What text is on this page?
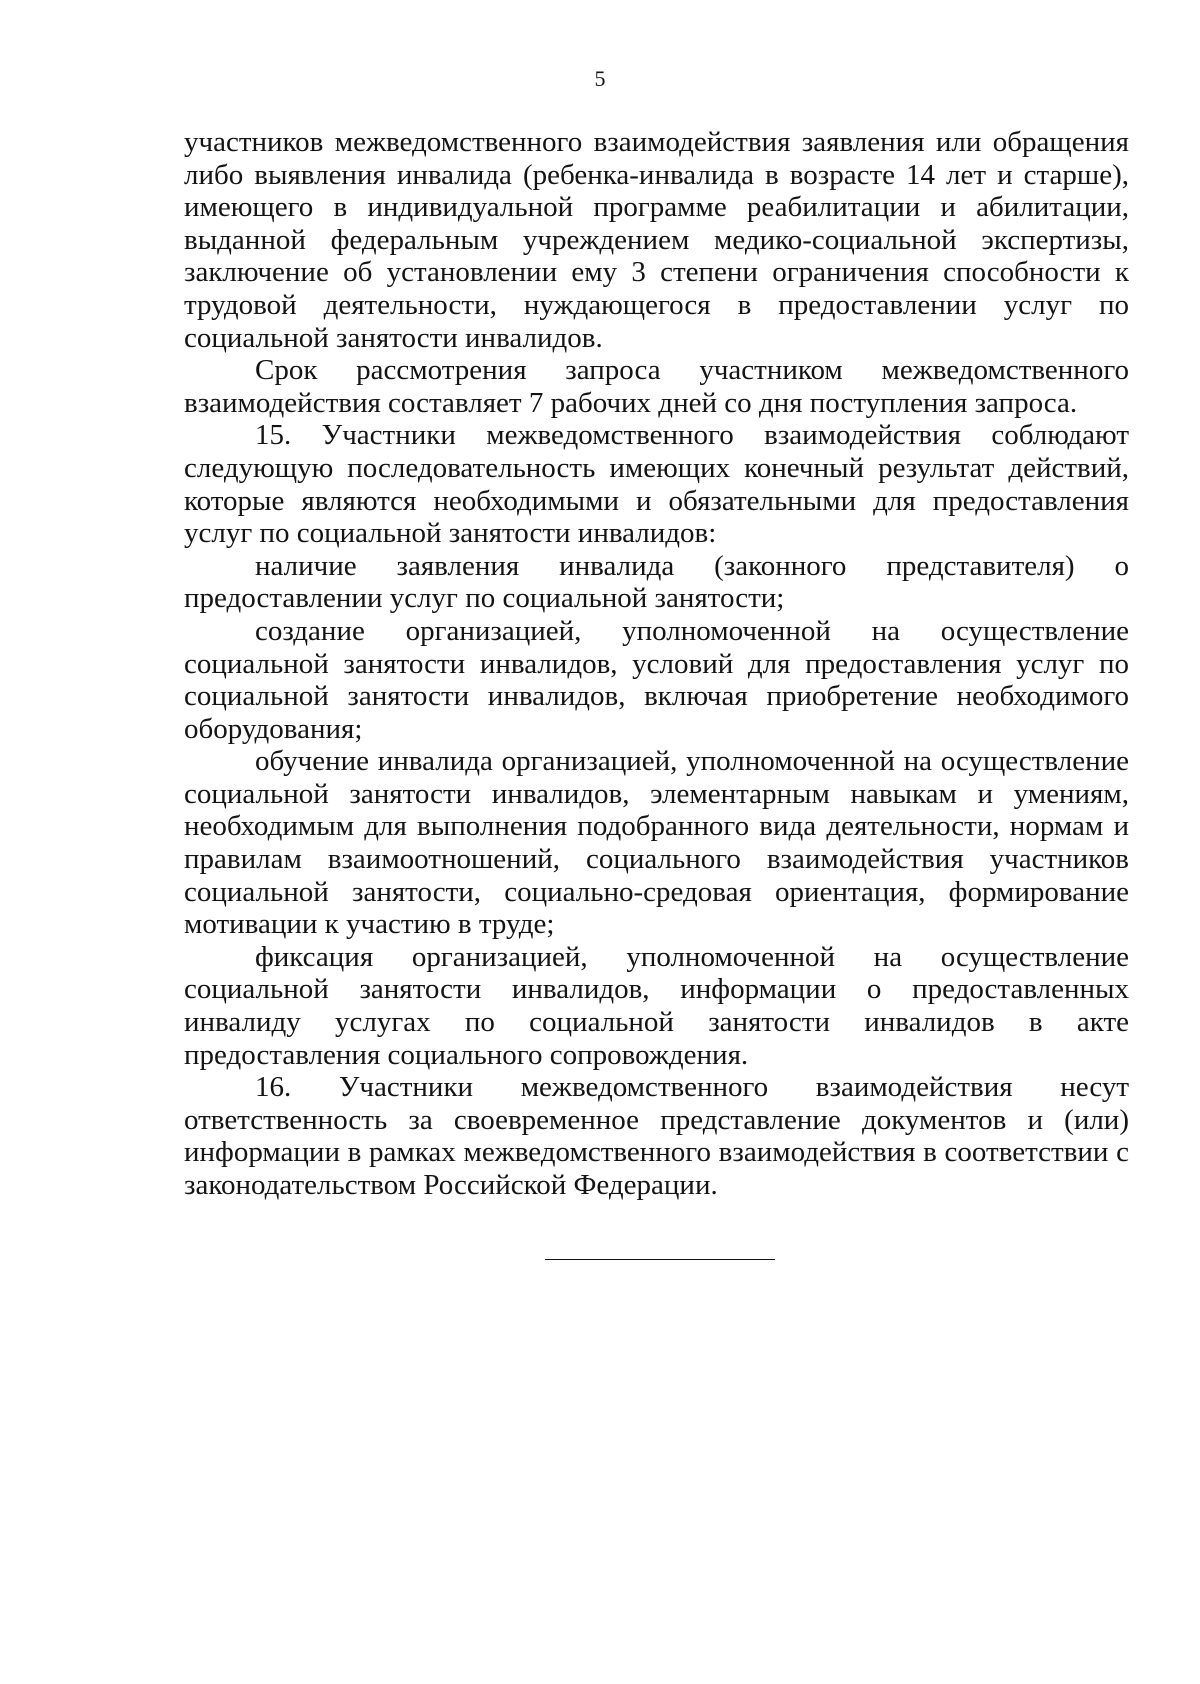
5

участников межведомственного взаимодействия заявления или обращения либо выявления инвалида (ребенка-инвалида в возрасте 14 лет и старше), имеющего в индивидуальной программе реабилитации и абилитации, выданной федеральным учреждением медико-социальной экспертизы, заключение об установлении ему 3 степени ограничения способности к трудовой деятельности, нуждающегося в предоставлении услуг по социальной занятости инвалидов.

Срок рассмотрения запроса участником межведомственного взаимодействия составляет 7 рабочих дней со дня поступления запроса.

15. Участники межведомственного взаимодействия соблюдают следующую последовательность имеющих конечный результат действий, которые являются необходимыми и обязательными для предоставления услуг по социальной занятости инвалидов:

наличие заявления инвалида (законного представителя) о предоставлении услуг по социальной занятости;

создание организацией, уполномоченной на осуществление социальной занятости инвалидов, условий для предоставления услуг по социальной занятости инвалидов, включая приобретение необходимого оборудования;

обучение инвалида организацией, уполномоченной на осуществление социальной занятости инвалидов, элементарным навыкам и умениям, необходимым для выполнения подобранного вида деятельности, нормам и правилам взаимоотношений, социального взаимодействия участников социальной занятости, социально-средовая ориентация, формирование мотивации к участию в труде;

фиксация организацией, уполномоченной на осуществление социальной занятости инвалидов, информации о предоставленных инвалиду услугах по социальной занятости инвалидов в акте предоставления социального сопровождения.

16. Участники межведомственного взаимодействия несут ответственность за своевременное представление документов и (или) информации в рамках межведомственного взаимодействия в соответствии с законодательством Российской Федерации.
